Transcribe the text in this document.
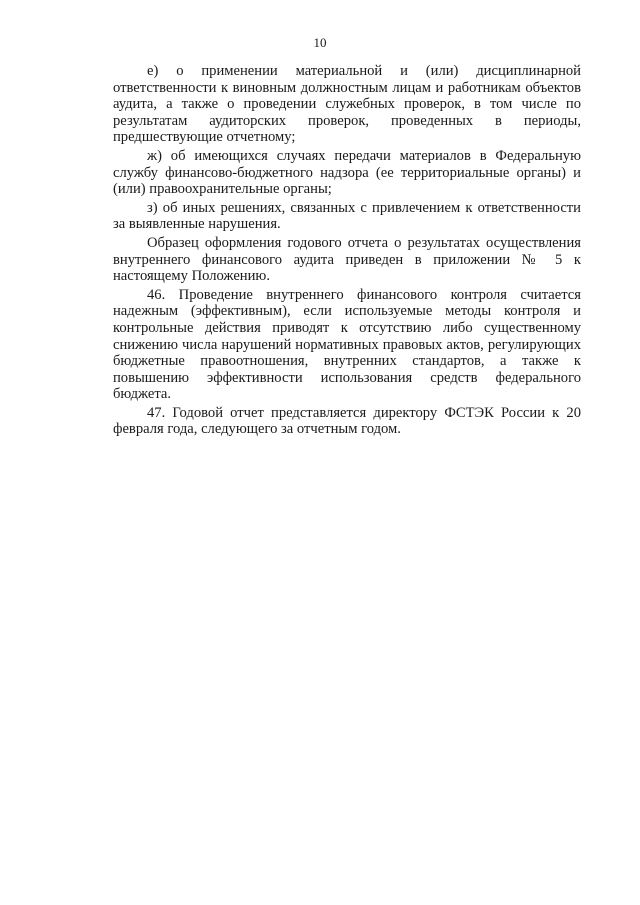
10

е) о применении материальной и (или) дисциплинарной ответственности к виновным должностным лицам и работникам объектов аудита, а также о проведении служебных проверок, в том числе по результатам аудиторских проверок, проведенных в периоды, предшествующие отчетному;

ж) об имеющихся случаях передачи материалов в Федеральную службу финансово-бюджетного надзора (ее территориальные органы) и (или) правоохранительные органы;

з) об иных решениях, связанных с привлечением к ответственности за выявленные нарушения.

Образец оформления годового отчета о результатах осуществления внутреннего финансового аудита приведен в приложении № 5 к настоящему Положению.

46. Проведение внутреннего финансового контроля считается надежным (эффективным), если используемые методы контроля и контрольные действия приводят к отсутствию либо существенному снижению числа нарушений нормативных правовых актов, регулирующих бюджетные правоотношения, внутренних стандартов, а также к повышению эффективности использования средств федерального бюджета.

47. Годовой отчет представляется директору ФСТЭК России к 20 февраля года, следующего за отчетным годом.
